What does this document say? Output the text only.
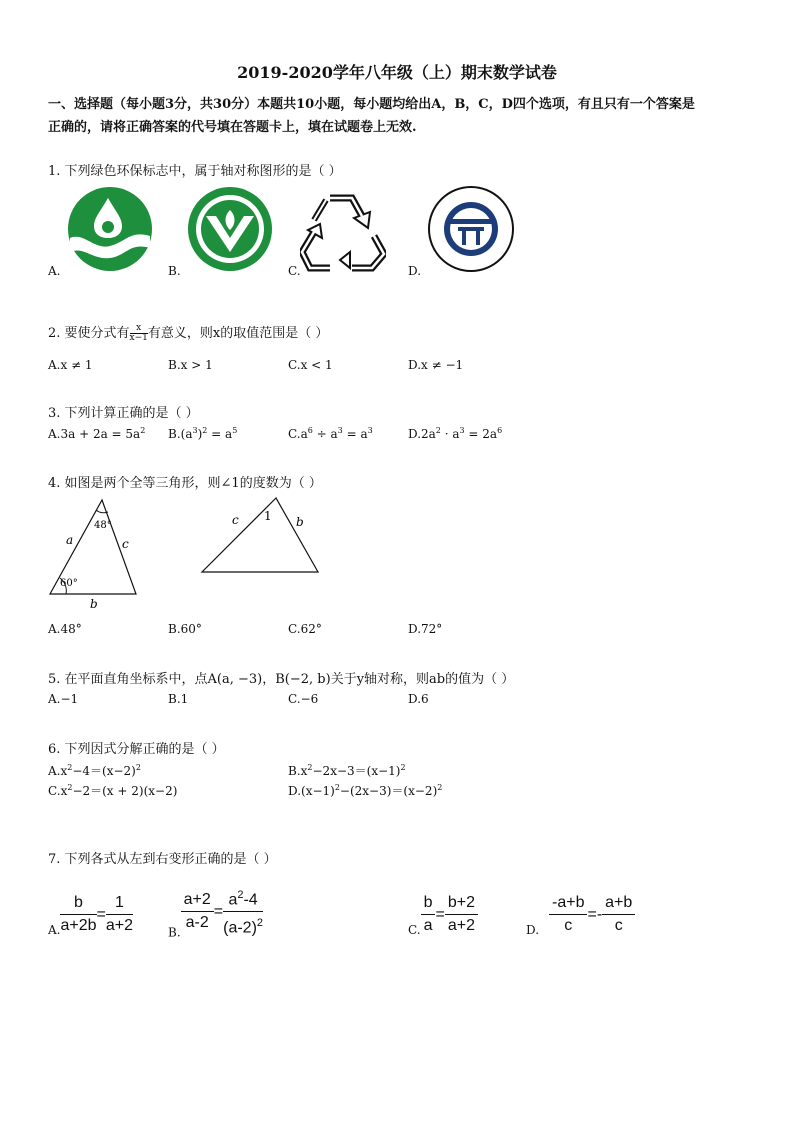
2019-2020学年八年级（上）期末数学试卷
一、选择题（每小题3分，共30分）本题共10小题，每小题均给出A，B，C，D四个选项，有且只有一个答案是
正确的，请将正确答案的代号填在答题卡上，填在试题卷上无效.
1. 下列绿色环保标志中，属于轴对称图形的是（ ）
A.	B.	C.	D.
2. 要使分式有 $\frac{x}{x-1}$ 有意义，则x的取值范围是（ ）
A.x ≠ 1	B.x > 1	C.x < 1	D.x ≠ −1
3. 下列计算正确的是（ ）
$A.3a + 2a = 5a^2$ $B.(a^3)^2 = a^5$	$C.a^6 \div a^3 = a^3$	$D.2a^2 \cdot a^3 = 2a^6$
4. 如图是两个全等三角形，则∠1的度数为（ ）
48°
60°
a	c
b
c 1 b
A.48°	B.60°	C.62°	D.72°
5. 在平面直角坐标系中，点A(a, −3)，B(−2, b)关于y轴对称，则ab的值为（ ）
A.−1	B.1	C.−6	D.6
6. 下列因式分解正确的是（ ）
$A.x^2-4=(x-2)^2$	$B.x^2-2x-3=(x-1)^2$
$C.x^2-2=(x + 2)(x-2)$	$D.(x-1)^2-(2x-3)=(x-2)^2$
7. 下列各式从左到右变形正确的是（ ）
A. $\frac{b}{a+2b} = \frac{1}{a+2}$	B. $\frac{a+2}{a-2} = \frac{a^2-4}{(a-2)^2}$	C. $\frac{b}{a} = \frac{b+2}{a+2}$	D. $\frac{-a+b}{c} =- \frac{a+b}{c}$
